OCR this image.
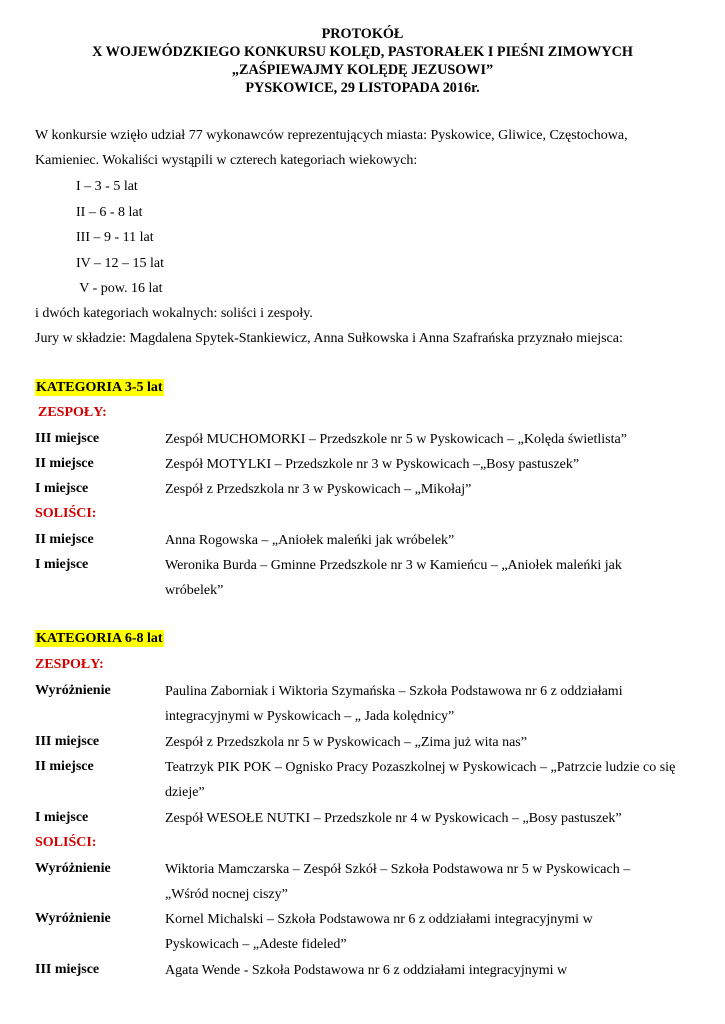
PROTOKÓŁ
X WOJEWÓDZKIEGO KONKURSU KOLĘD, PASTORAŁEK I PIEŚNI ZIMOWYCH
„ZAŚPIEWAJMY KOLĘDĘ JEZUSOWI”
PYSKOWICE, 29 LISTOPADA 2016r.
W konkursie wzięło udział 77 wykonawców reprezentujących miasta: Pyskowice, Gliwice, Częstochowa,
Kamieniec. Wokaliści wystąpili w czterech kategoriach wiekowych:
I – 3 - 5 lat
II – 6 - 8 lat
III – 9 - 11 lat
IV – 12 – 15 lat
V - pow. 16 lat
i dwóch kategoriach wokalnych: soliści i zespoły.
Jury w składzie: Magdalena Spytek-Stankiewicz, Anna Sułkowska i Anna Szafrańska przyznało miejsca:
KATEGORIA 3-5 lat
ZESPOŁY:
III miejsce	Zespół MUCHOMORKI – Przedszkole nr 5 w Pyskowicach – „Kolęda świetlista”
II miejsce	Zespół MOTYLKI – Przedszkole nr 3 w Pyskowicach –„Bosy pastuszek”
I miejsce	Zespół z Przedszkola nr 3 w Pyskowicach – „Mikołaj”
SOLIŚCI:
II miejsce	Anna Rogowska – „Aniołek maleńki jak wróbelek”
I miejsce	Weronika Burda – Gminne Przedszkole nr 3 w Kamieńcu – „Aniołek maleńki jak wróbelek”
KATEGORIA 6-8 lat
ZESPOŁY:
Wyróżnienie	Paulina Zaborniak i Wiktoria Szymańska – Szkoła Podstawowa nr 6 z oddziałami integracyjnymi w Pyskowicach – „ Jada kolędnicy”
III miejsce	Zespół z Przedszkola nr 5 w Pyskowicach – „Zima już wita nas”
II miejsce	Teatrzyk PIK POK – Ognisko Pracy Pozaszkolnej w Pyskowicach – „Patrzcie ludzie co się dzieje”
I miejsce	Zespół WESOŁE NUTKI – Przedszkole nr 4 w Pyskowicach – „Bosy pastuszek”
SOLIŚCI:
Wyróżnienie	Wiktoria Mamczarska – Zespół Szkół – Szkoła Podstawowa nr 5 w Pyskowicach – „Wśród nocnej ciszy”
Wyróżnienie	Kornel Michalski – Szkoła Podstawowa nr 6 z oddziałami integracyjnymi w Pyskowicach – „Adeste fideled”
III miejsce	Agata Wende - Szkoła Podstawowa nr 6 z oddziałami integracyjnymi w
